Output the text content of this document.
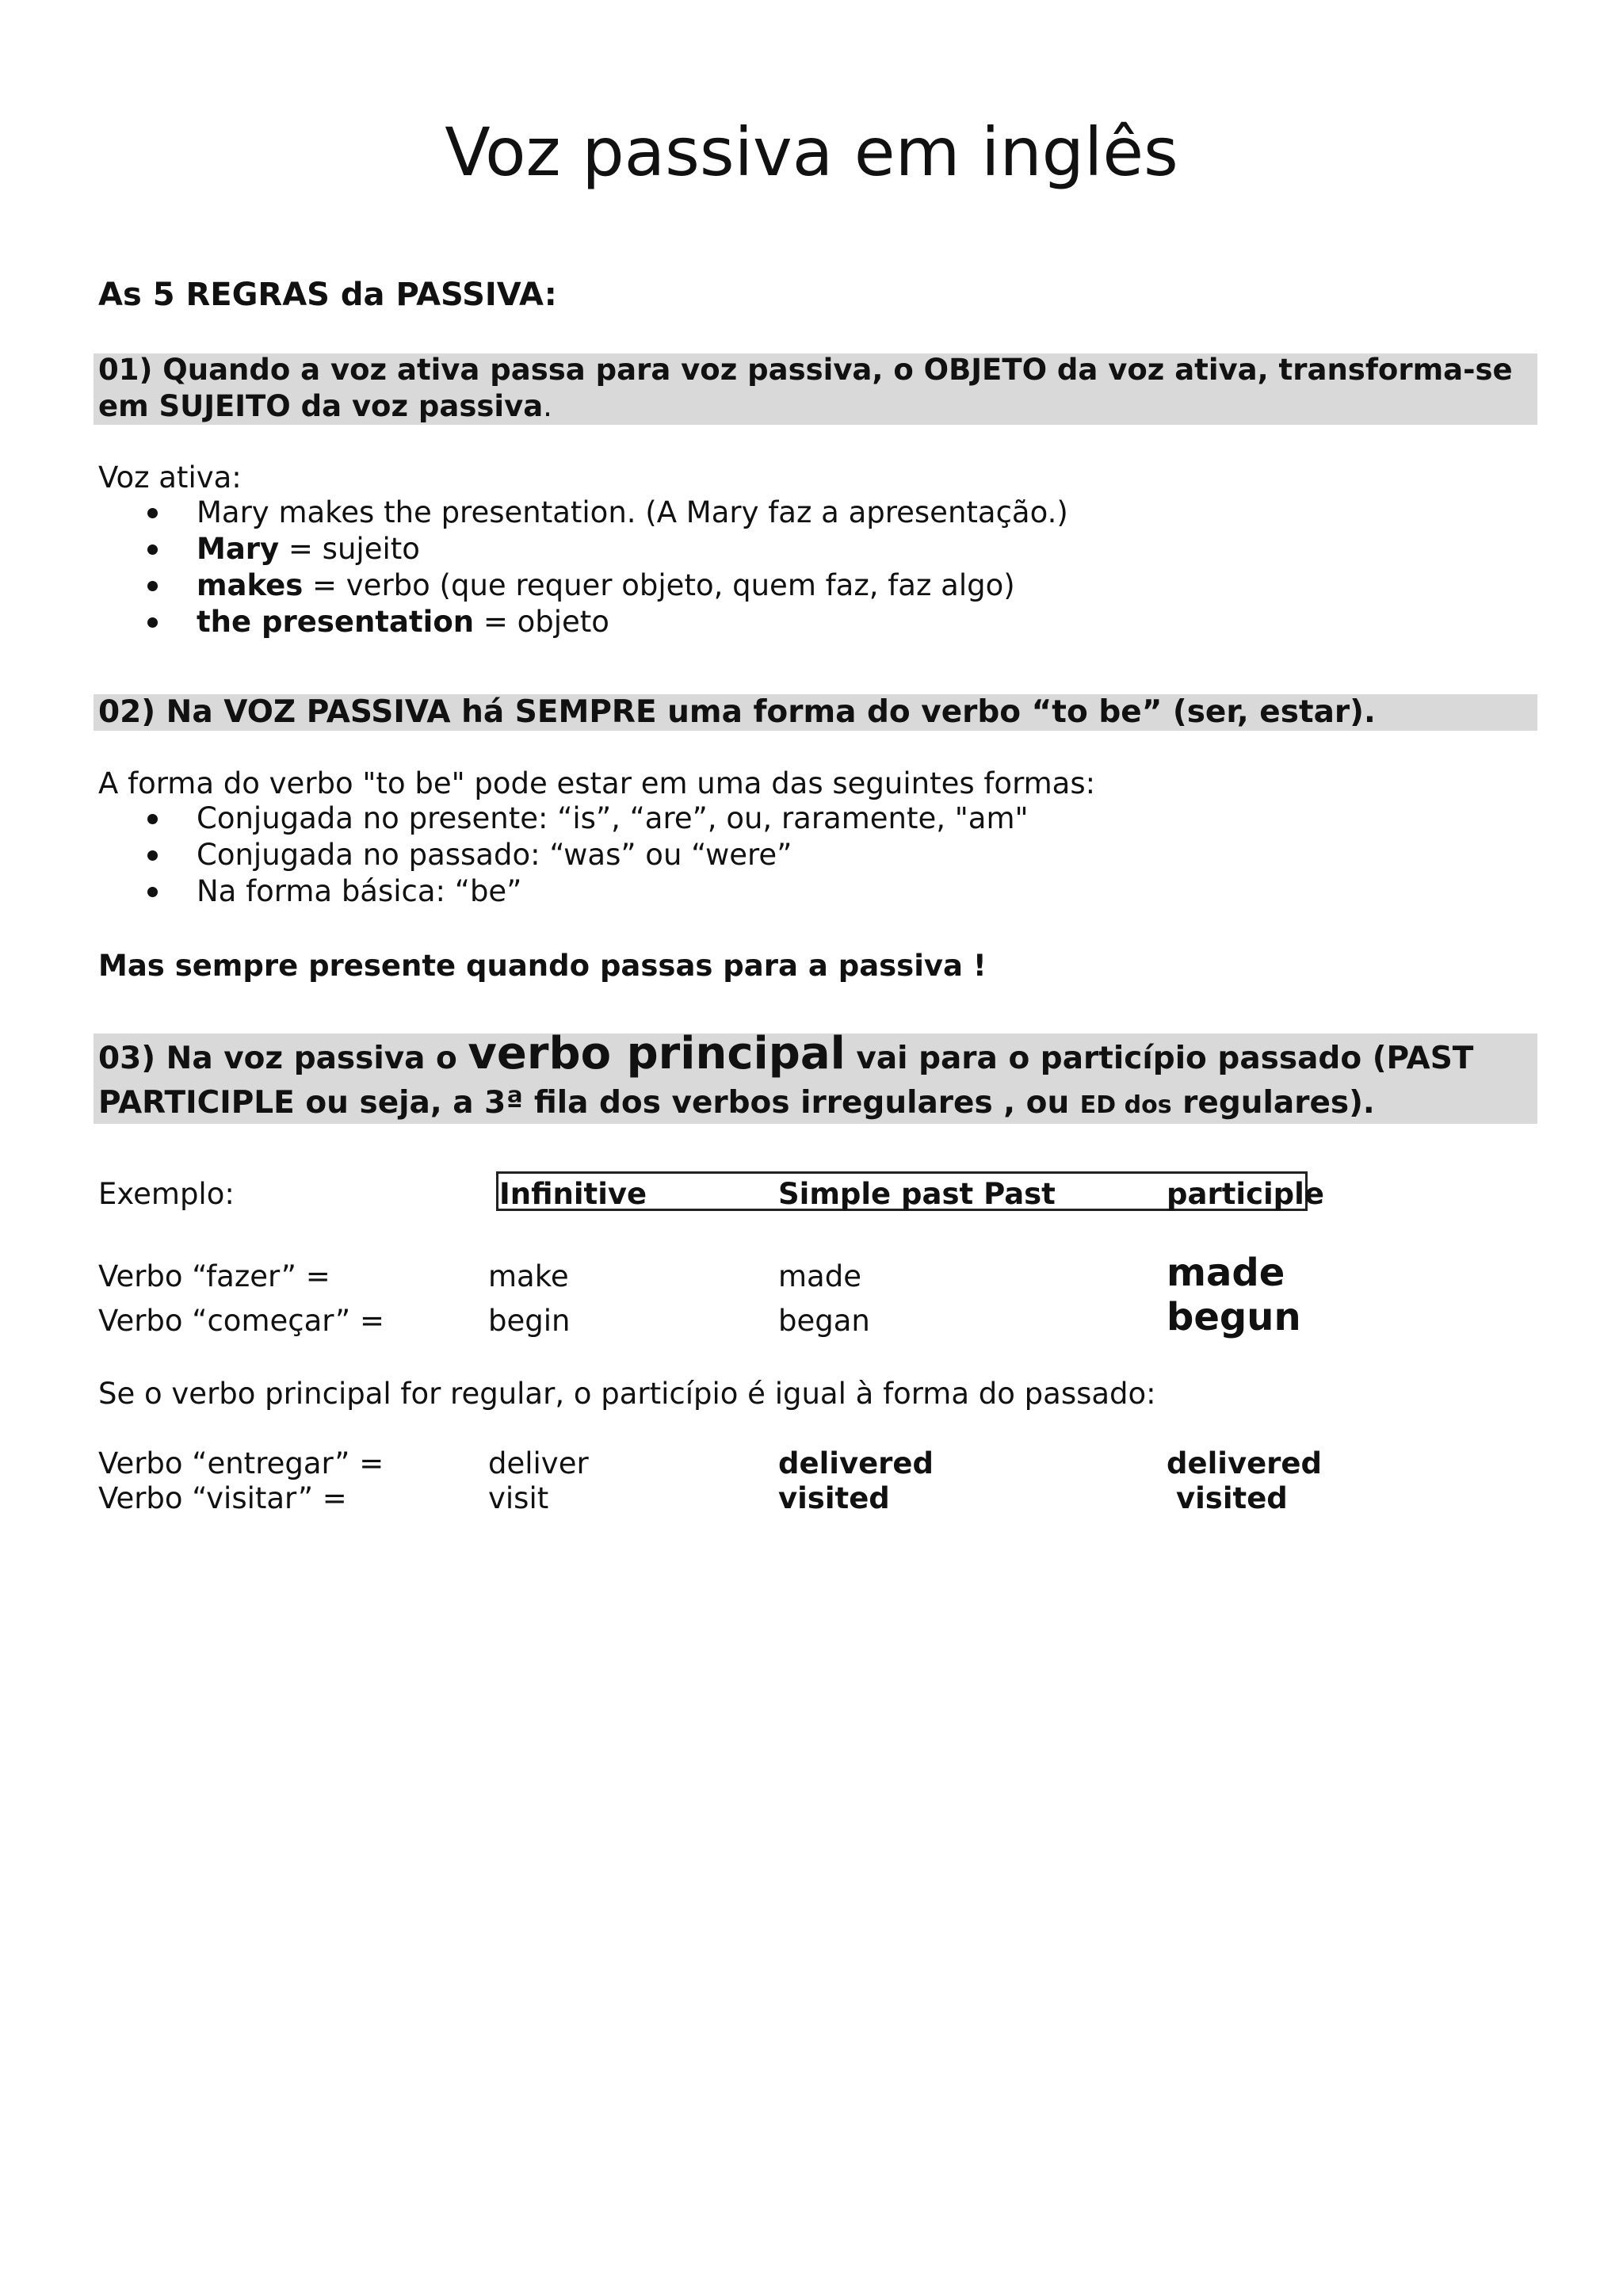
Voz passiva em inglês
As 5 REGRAS da PASSIVA:
01) Quando a voz ativa passa para voz passiva, o OBJETO da voz ativa, transforma-se em SUJEITO da voz passiva.
Voz ativa:
Mary makes the presentation. (A Mary faz a apresentação.)
Mary = sujeito
makes = verbo (que requer objeto, quem faz, faz algo)
the presentation = objeto
02) Na VOZ PASSIVA há SEMPRE uma forma do verbo “to be” (ser, estar).
A forma do verbo "to be" pode estar em uma das seguintes formas:
Conjugada no presente: “is”, “are”, ou, raramente, "am"
Conjugada no passado: “was” ou “were”
Na forma básica: “be”
Mas sempre presente quando passas para a passiva !
03) Na voz passiva o verbo principal vai para o particípio passado (PAST PARTICIPLE ou seja, a 3ª fila dos verbos irregulares , ou ED dos regulares).
Exemplo:	Infinitive	Simple past Past	participle
Verbo “fazer” =	make	made	made
Verbo “começar” =	begin	began	begun
Se o verbo principal for regular, o particípio é igual à forma do passado:
Verbo “entregar” =	deliver	delivered	delivered
Verbo “visitar” =	visit	visited	visited
